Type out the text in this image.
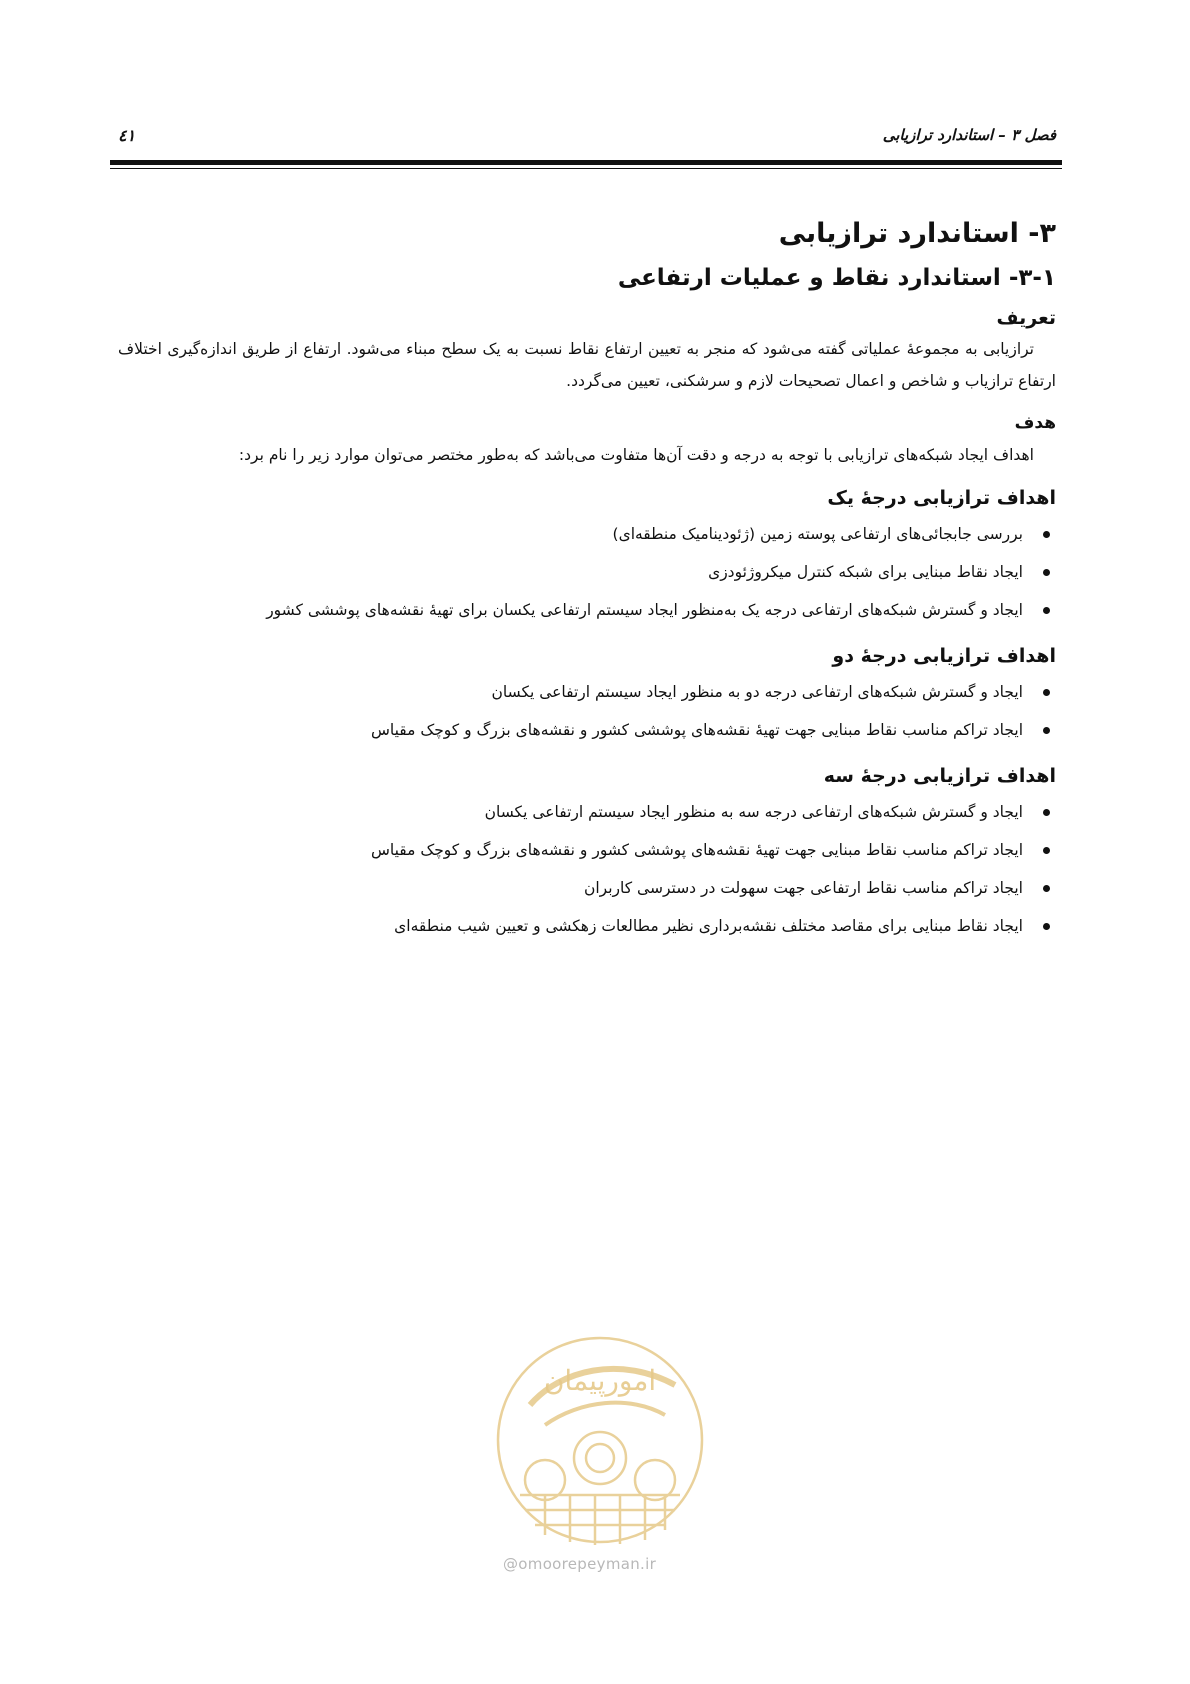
فصل ۳ – استاندارد ترازیابی
٤١
۳- استاندارد ترازیابی
۳-۱- استاندارد نقاط و عملیات ارتفاعی
تعریف

ترازیابی به مجموعهٔ عملیاتی گفته می‌شود که منجر به تعیین ارتفاع نقاط نسبت به یک سطح مبناء می‌شود. ارتفاع از طریق اندازه‌گیری اختلاف ارتفاع ترازیاب و شاخص و اعمال تصحیحات لازم و سرشکنی، تعیین می‌گردد.

هدف

اهداف ایجاد شبکه‌های ترازیابی با توجه به درجه و دقت آن‌ها متفاوت می‌باشد که به‌طور مختصر می‌توان موارد زیر را نام برد:

اهداف ترازیابی درجهٔ یک
بررسی جابجائی‌های ارتفاعی پوسته زمین (ژئودینامیک منطقه‌ای)
ایجاد نقاط مبنایی برای شبکه کنترل میکروژئودزی
ایجاد و گسترش شبکه‌های ارتفاعی درجه یک به‌منظور ایجاد سیستم ارتفاعی یکسان برای تهیهٔ نقشه‌های پوششی کشور
اهداف ترازیابی درجهٔ دو
ایجاد و گسترش شبکه‌های ارتفاعی درجه دو به منظور ایجاد سیستم ارتفاعی یکسان
ایجاد تراکم مناسب نقاط مبنایی جهت تهیهٔ نقشه‌های پوششی کشور و نقشه‌های بزرگ و کوچک مقیاس
اهداف ترازیابی درجهٔ سه
ایجاد و گسترش شبکه‌های ارتفاعی درجه سه به منظور ایجاد سیستم ارتفاعی یکسان
ایجاد تراکم مناسب نقاط مبنایی جهت تهیهٔ نقشه‌های پوششی کشور و نقشه‌های بزرگ و کوچک مقیاس
ایجاد تراکم مناسب نقاط ارتفاعی جهت سهولت در دسترسی کاربران
ایجاد نقاط مبنایی برای مقاصد مختلف نقشه‌برداری نظیر مطالعات زهکشی و تعیین شیب منطقه‌ای
امورپیمان
@omoorepeyman.ir
